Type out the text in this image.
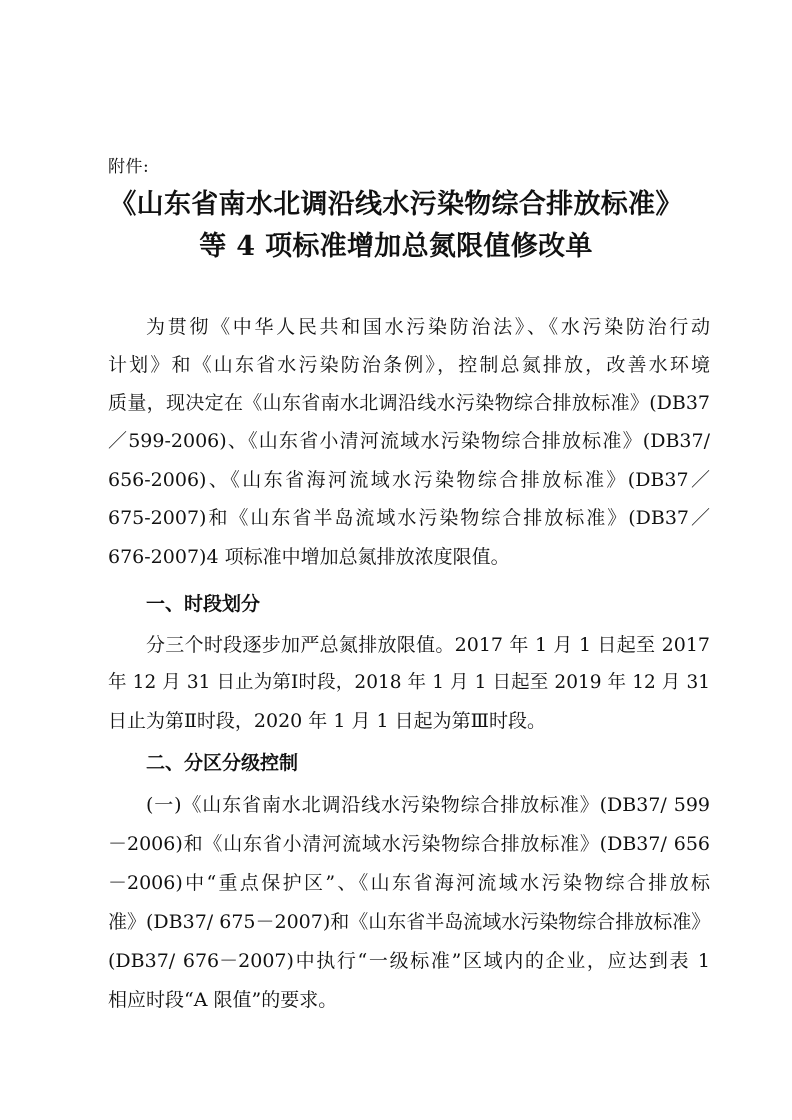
附件:
《山东省南水北调沿线水污染物综合排放标准》
等 4 项标准增加总氮限值修改单
为贯彻《中华人民共和国水污染防治法》、《水污染防治行动
计划》和《山东省水污染防治条例》，控制总氮排放，改善水环境
质量，现决定在《山东省南水北调沿线水污染物综合排放标准》(DB37
／599-2006)、《山东省小清河流域水污染物综合排放标准》(DB37/
656-2006)、《山东省海河流域水污染物综合排放标准》(DB37／
675-2007)和《山东省半岛流域水污染物综合排放标准》(DB37／
676-2007)4 项标准中增加总氮排放浓度限值。
一、时段划分
分三个时段逐步加严总氮排放限值。2017 年 1 月 1 日起至 2017
年 12 月 31 日止为第Ⅰ时段，2018 年 1 月 1 日起至 2019 年 12 月 31
日止为第Ⅱ时段，2020 年 1 月 1 日起为第Ⅲ时段。
二、分区分级控制
(一)《山东省南水北调沿线水污染物综合排放标准》(DB37/ 599
－2006)和《山东省小清河流域水污染物综合排放标准》(DB37/ 656
－2006)中“重点保护区”、《山东省海河流域水污染物综合排放标
准》(DB37/ 675－2007)和《山东省半岛流域水污染物综合排放标准》
(DB37/ 676－2007)中执行“一级标准”区域内的企业，应达到表 1
相应时段“A 限值”的要求。
